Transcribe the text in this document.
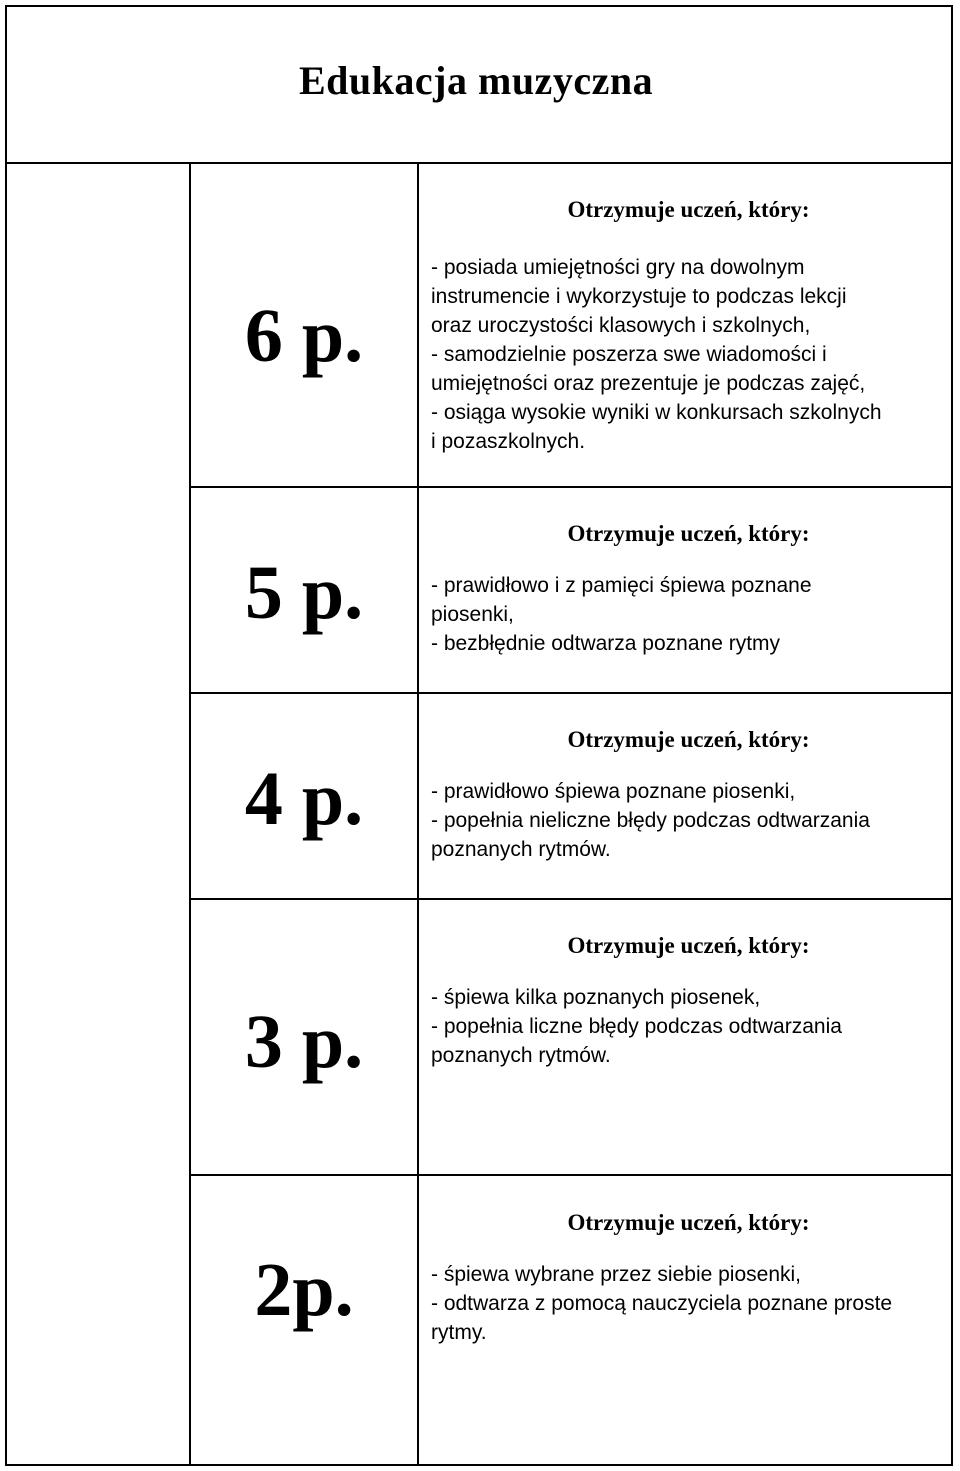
Edukacja muzyczna
6 p.
Otrzymuje uczeń, który:
- posiada umiejętności gry na dowolnym
instrumencie i wykorzystuje to podczas lekcji
oraz uroczystości klasowych i szkolnych,
- samodzielnie poszerza swe wiadomości i
umiejętności oraz prezentuje je podczas zajęć,
- osiąga wysokie wyniki w konkursach szkolnych
i pozaszkolnych.
5 p.
Otrzymuje uczeń, który:
- prawidłowo i z pamięci śpiewa poznane
piosenki,
- bezbłędnie odtwarza poznane rytmy
4 p.
Otrzymuje uczeń, który:
- prawidłowo śpiewa poznane piosenki,
- popełnia nieliczne błędy podczas odtwarzania
poznanych rytmów.
3 p.
Otrzymuje uczeń, który:
- śpiewa kilka poznanych piosenek,
- popełnia liczne błędy podczas odtwarzania
poznanych rytmów.
2p.
Otrzymuje uczeń, który:
- śpiewa wybrane przez siebie piosenki,
- odtwarza z pomocą nauczyciela poznane proste
rytmy.
